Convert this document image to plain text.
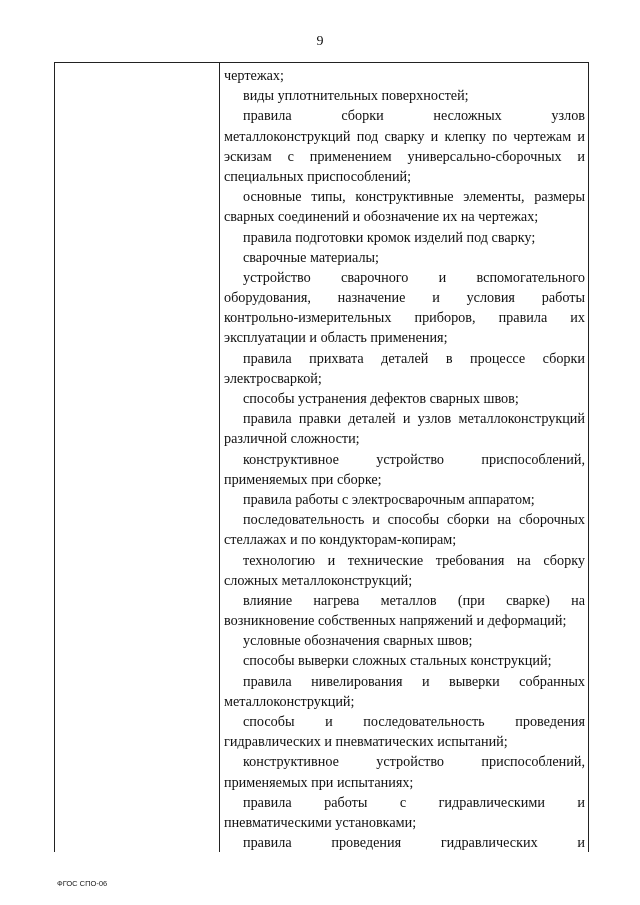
9
чертежах;
виды уплотнительных поверхностей;
правила сборки несложных узлов
металлоконструкций под сварку и клепку по чертежам и
эскизам с применением универсально-сборочных и
специальных приспособлений;
основные типы, конструктивные элементы, размеры
сварных соединений и обозначение их на чертежах;
правила подготовки кромок изделий под сварку;
сварочные материалы;
устройство сварочного и вспомогательного
оборудования, назначение и условия работы
контрольно-измерительных приборов, правила их
эксплуатации и область применения;
правила прихвата деталей в процессе сборки
электросваркой;
способы устранения дефектов сварных швов;
правила правки деталей и узлов металлоконструкций
различной сложности;
конструктивное устройство приспособлений,
применяемых при сборке;
правила работы с электросварочным аппаратом;
последовательность и способы сборки на сборочных
стеллажах и по кондукторам-копирам;
технологию и технические требования на сборку
сложных металлоконструкций;
влияние нагрева металлов (при сварке) на
возникновение собственных напряжений и деформаций;
условные обозначения сварных швов;
способы выверки сложных стальных конструкций;
правила нивелирования и выверки собранных
металлоконструкций;
способы и последовательность проведения
гидравлических и пневматических испытаний;
конструктивное устройство приспособлений,
применяемых при испытаниях;
правила работы с гидравлическими и
пневматическими установками;
правила проведения гидравлических и
ФГОС СПО-06
